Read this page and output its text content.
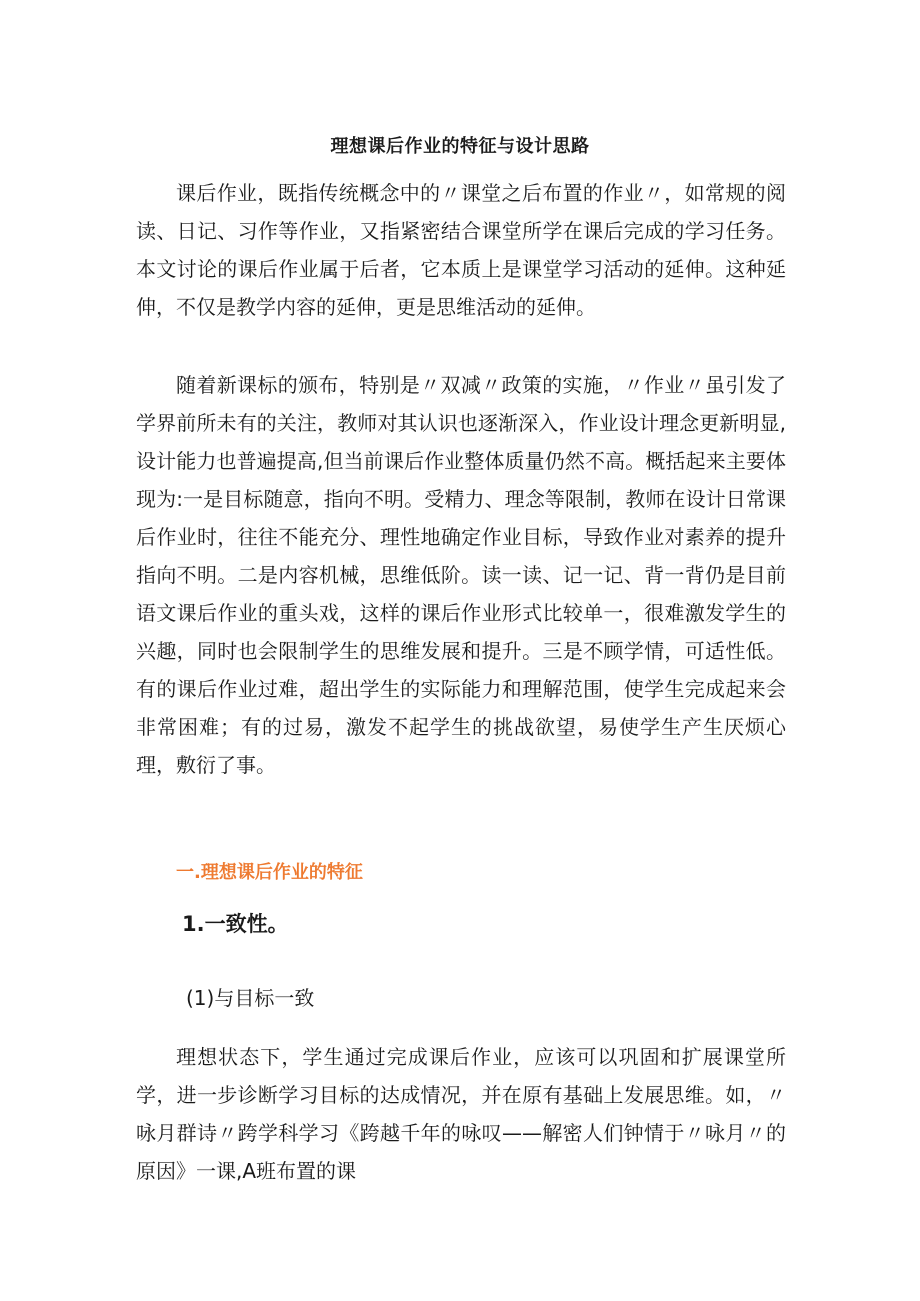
理想课后作业的特征与设计思路

课后作业，既指传统概念中的〃课堂之后布置的作业〃，如常规的阅读、日记、习作等作业，又指紧密结合课堂所学在课后完成的学习任务。本文讨论的课后作业属于后者，它本质上是课堂学习活动的延伸。这种延伸，不仅是教学内容的延伸，更是思维活动的延伸。

随着新课标的颁布，特别是〃双减〃政策的实施，〃作业〃虽引发了学界前所未有的关注，教师对其认识也逐渐深入，作业设计理念更新明显,设计能力也普遍提高,但当前课后作业整体质量仍然不高。概括起来主要体现为:一是目标随意，指向不明。受精力、理念等限制，教师在设计日常课后作业时，往往不能充分、理性地确定作业目标，导致作业对素养的提升指向不明。二是内容机械，思维低阶。读一读、记一记、背一背仍是目前语文课后作业的重头戏，这样的课后作业形式比较单一，很难激发学生的兴趣，同时也会限制学生的思维发展和提升。三是不顾学情，可适性低。有的课后作业过难，超出学生的实际能力和理解范围，使学生完成起来会非常困难；有的过易，激发不起学生的挑战欲望，易使学生产生厌烦心理，敷衍了事。

一.理想课后作业的特征
1.一致性。
(1)与目标一致

理想状态下，学生通过完成课后作业，应该可以巩固和扩展课堂所学，进一步诊断学习目标的达成情况，并在原有基础上发展思维。如，〃咏月群诗〃跨学科学习《跨越千年的咏叹——解密人们钟情于〃咏月〃的原因》一课,A班布置的课
